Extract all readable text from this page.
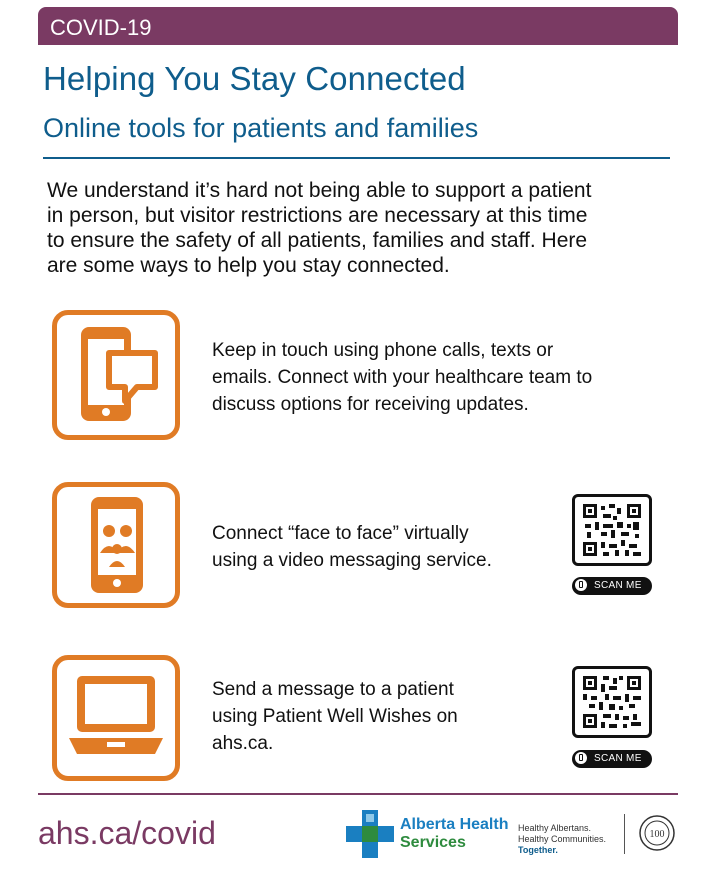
COVID-19
Helping You Stay Connected
Online tools for patients and families
We understand it’s hard not being able to support a patient
in person, but visitor restrictions are necessary at this time
to ensure the safety of all patients, families and staff. Here
are some ways to help you stay connected.
Keep in touch using phone calls, texts or
emails. Connect with your healthcare team to
discuss options for receiving updates.
Connect “face to face” virtually
using a video messaging service.
SCAN ME
Send a message to a patient
using Patient Well Wishes on
ahs.ca.
SCAN ME
ahs.ca/covid	Alberta Health
Services
Healthy Albertans.
Healthy Communities.
Together.
100
